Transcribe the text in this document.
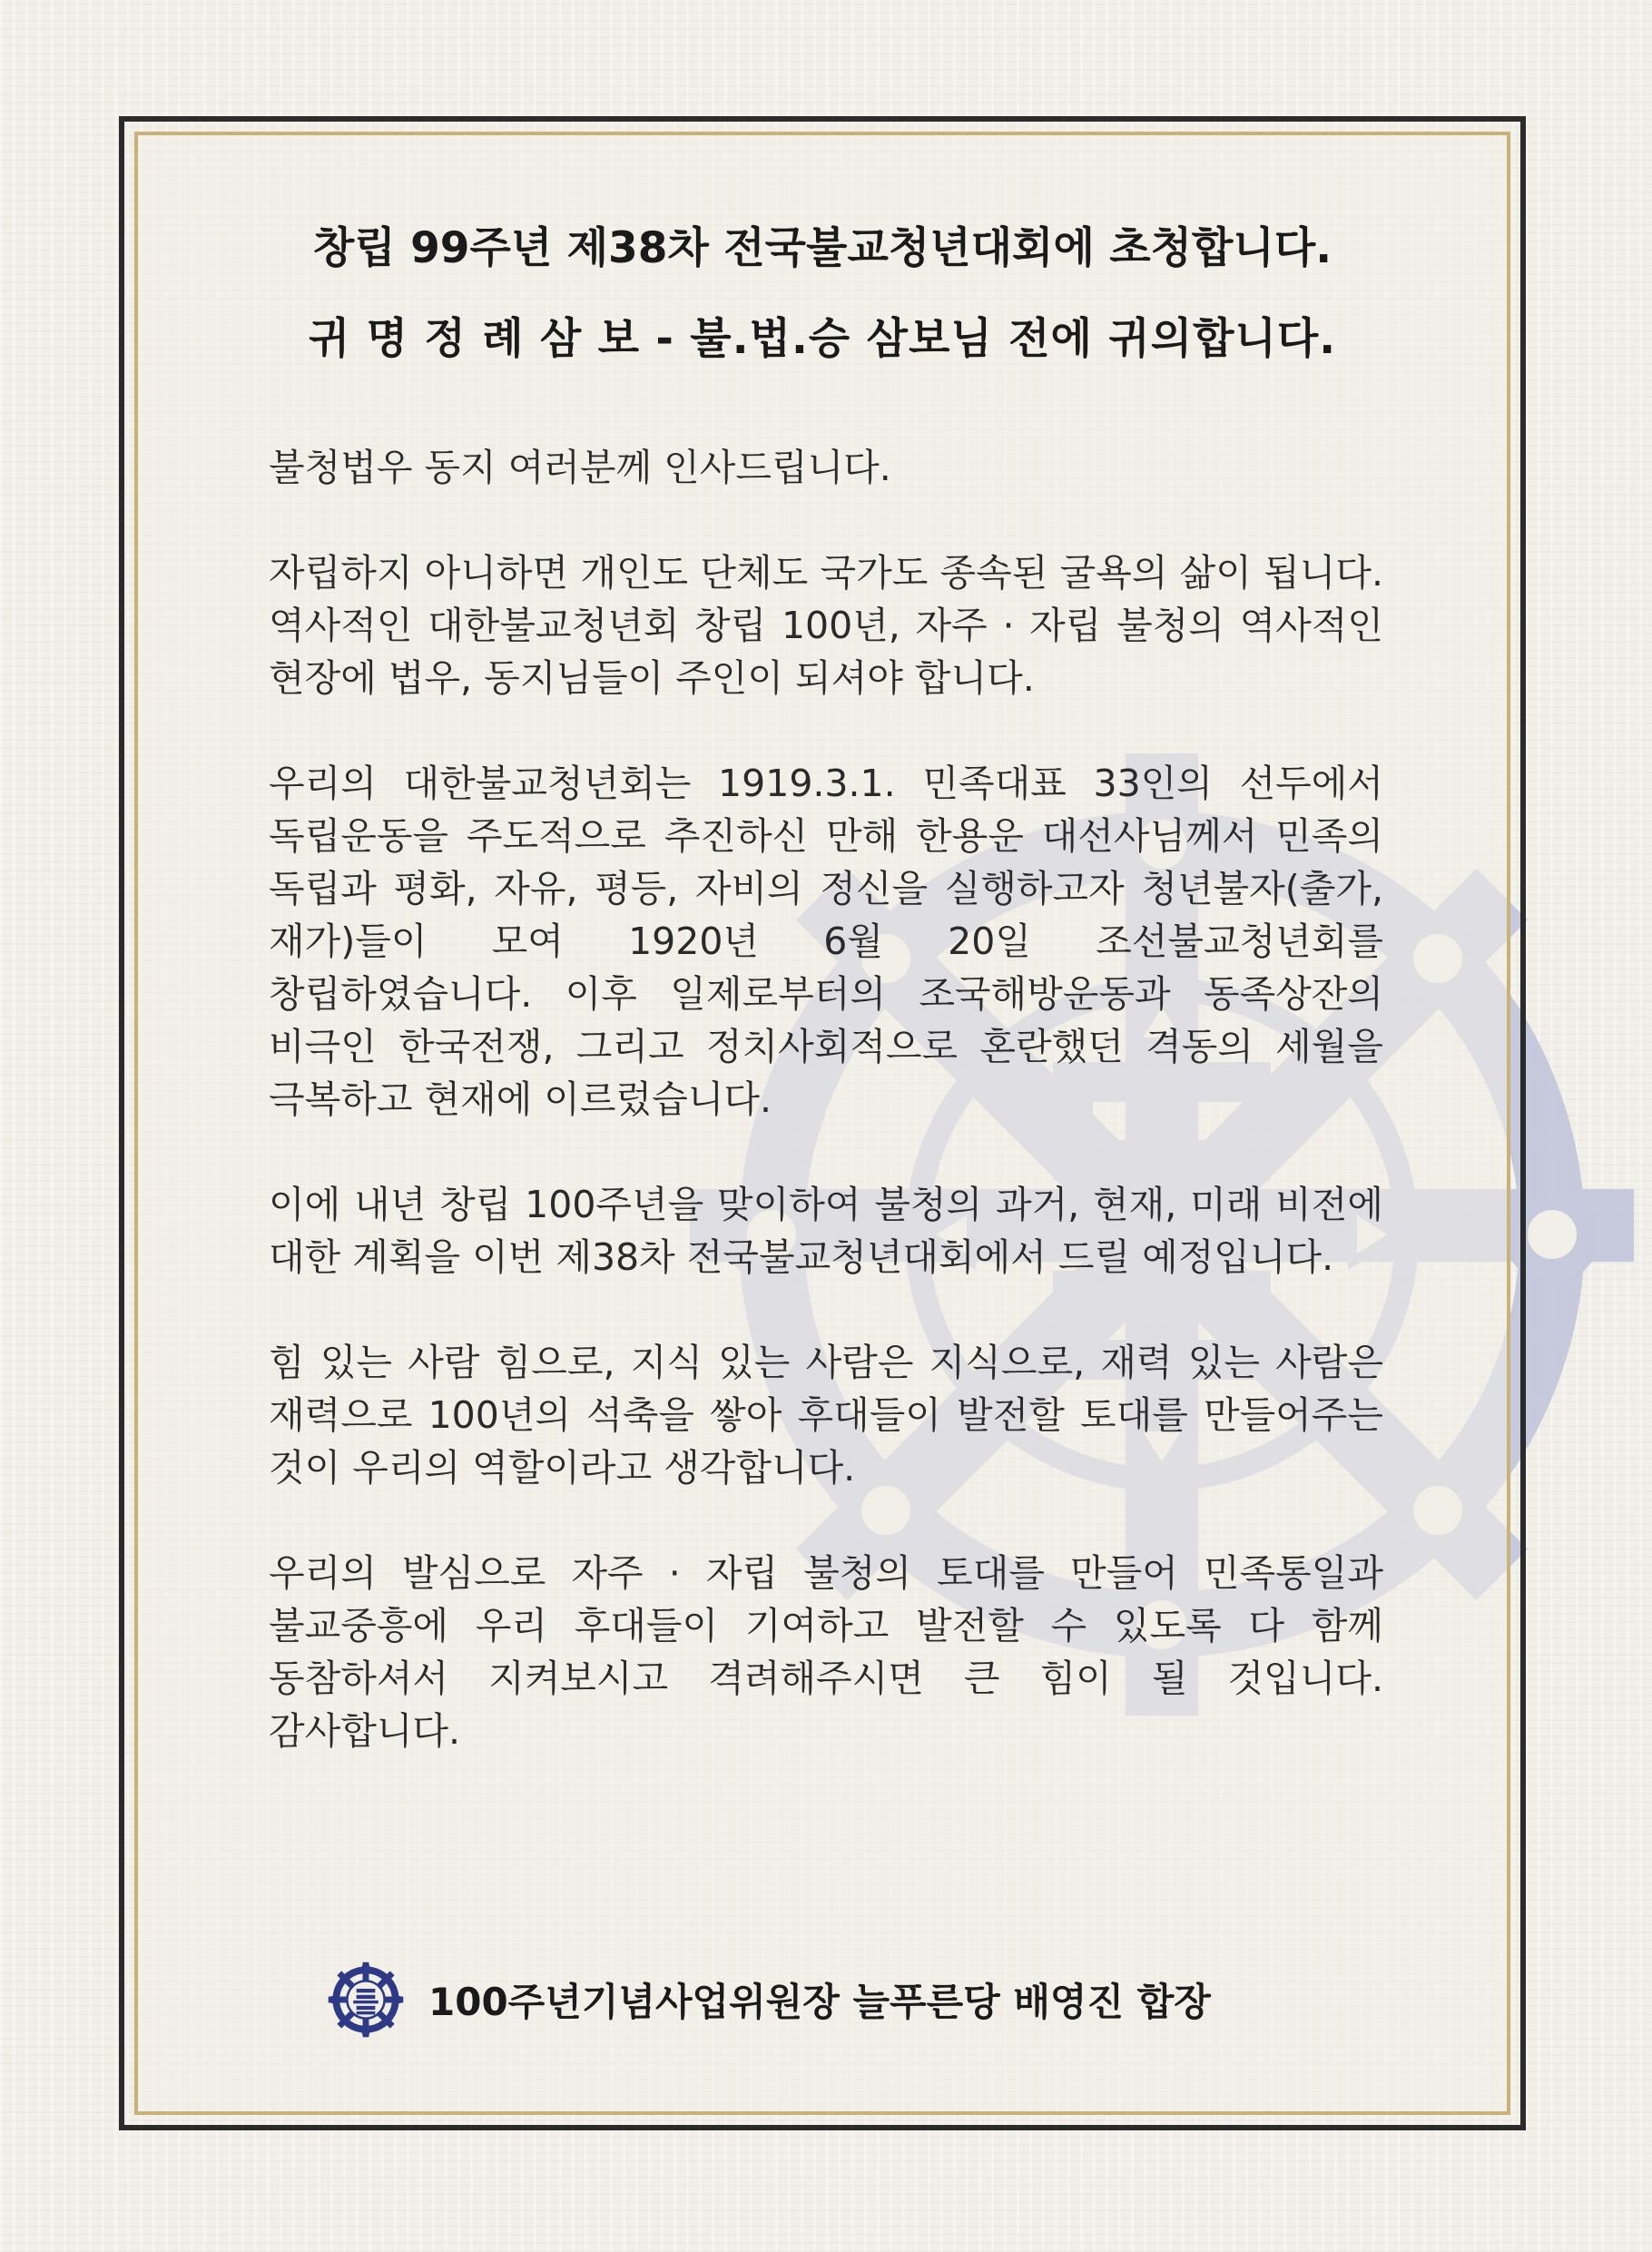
창립 99주년 제38차 전국불교청년대회에 초청합니다.
귀 명 정 례 삼 보 - 불.법.승 삼보님 전에 귀의합니다.

불청법우 동지 여러분께 인사드립니다.

자립하지 아니하면 개인도 단체도 국가도 종속된 굴욕의 삶이 됩니다. 역사적인 대한불교청년회 창립 100년, 자주 · 자립 불청의 역사적인 현장에 법우, 동지님들이 주인이 되셔야 합니다.

우리의 대한불교청년회는 1919.3.1. 민족대표 33인의 선두에서 독립운동을 주도적으로 추진하신 만해 한용운 대선사님께서 민족의 독립과 평화, 자유, 평등, 자비의 정신을 실행하고자 청년불자(출가, 재가)들이 모여 1920년 6월 20일 조선불교청년회를 창립하였습니다. 이후 일제로부터의 조국해방운동과 동족상잔의 비극인 한국전쟁, 그리고 정치사회적으로 혼란했던 격동의 세월을 극복하고 현재에 이르렀습니다.

이에 내년 창립 100주년을 맞이하여 불청의 과거, 현재, 미래 비전에 대한 계획을 이번 제38차 전국불교청년대회에서 드릴 예정입니다.

힘 있는 사람 힘으로, 지식 있는 사람은 지식으로, 재력 있는 사람은 재력으로 100년의 석축을 쌓아 후대들이 발전할 토대를 만들어주는 것이 우리의 역할이라고 생각합니다.

우리의 발심으로 자주 · 자립 불청의 토대를 만들어 민족통일과 불교중흥에 우리 후대들이 기여하고 발전할 수 있도록 다 함께 동참하셔서 지켜보시고 격려해주시면 큰 힘이 될 것입니다. 감사합니다.

100주년기념사업위원장 늘푸른당 배영진 합장
